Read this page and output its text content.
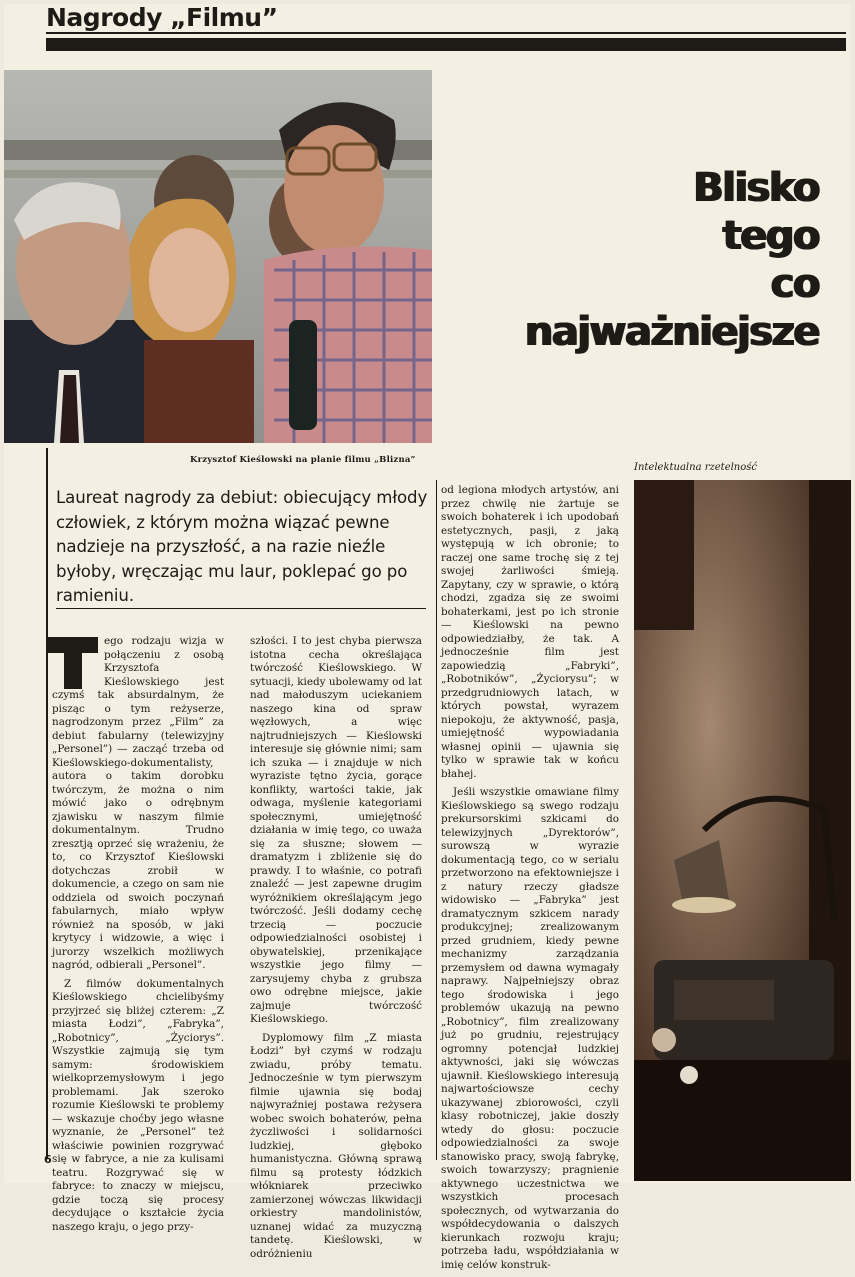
Nagrody „Filmu”
Krzysztof Kieślowski na planie filmu „Blizna”
Blisko
tego
co
najważniejsze
Intelektualna rzetelność

Laureat nagrody za debiut: obiecujący młody człowiek, z którym można wiązać pewne nadzieje na przyszłość, a na razie nieźle byłoby, wręczając mu laur, poklepać go po ramieniu.

ego rodzaju wizja w połączeniu z osobą Krzysztofa Kieślowskiego jest czymś tak absurdalnym, że pisząc o tym reżyserze, nagrodzonym przez „Film” za debiut fabularny (telewizyjny „Personel”) — zacząć trzeba od Kieślowskiego-dokumentalisty, autora o takim dorobku twórczym, że można o nim mówić jako o odrębnym zjawisku w naszym filmie dokumentalnym. Trudno zresztją oprzeć się wrażeniu, że to, co Krzysztof Kieślowski dotychczas zrobił w dokumencie, a czego on sam nie oddziela od swoich poczynań fabularnych, miało wpływ również na sposób, w jaki krytycy i widzowie, a więc i jurorzy wszelkich możliwych nagród, odbierali „Personel”.

Z filmów dokumentalnych Kieślowskiego chcielibyśmy przyjrzeć się bliżej czterem: „Z miasta Łodzi”, „Fabryka”, „Robotnicy”, „Życiorys”. Wszystkie zajmują się tym samym: środowiskiem wielkoprzemysłowym i jego problemami. Jak szeroko rozumie Kieślowski te problemy — wskazuje choćby jego własne wyznanie, że „Personel” też właściwie powinien rozgrywać się w fabryce, a nie za kulisami teatru. Rozgrywać się w fabryce: to znaczy w miejscu, gdzie toczą się procesy decydujące o kształcie życia naszego kraju, o jego przy-

szłości. I to jest chyba pierwsza istotna cecha określająca twórczość Kieślowskiego. W sytuacji, kiedy ubolewamy od lat nad małoduszym uciekaniem naszego kina od spraw węzłowych, a więc najtrudniejszych — Kieślowski interesuje się głównie nimi; sam ich szuka — i znajduje w nich wyraziste tętno życia, gorące konflikty, wartości takie, jak odwaga, myślenie kategoriami społecznymi, umiejętność działania w imię tego, co uważa się za słuszne; słowem — dramatyzm i zbliżenie się do prawdy. I to właśnie, co potrafi znaleźć — jest zapewne drugim wyróżnikiem określającym jego twórczość. Jeśli dodamy cechę trzecią — poczucie odpowiedzialności osobistej i obywatelskiej, przenikające wszystkie jego filmy — zarysujemy chyba z grubsza owo odrębne miejsce, jakie zajmuje twórczość Kieślowskiego.

Dyplomowy film „Z miasta Łodzi” był czymś w rodzaju zwiadu, próby tematu. Jednocześnie w tym pierwszym filmie ujawnia się bodaj najwyraźniej postawa reżysera wobec swoich bohaterów, pełna życzliwości i solidarności ludzkiej, głęboko humanistyczna. Główną sprawą filmu są protesty łódzkich włókniarek przeciwko zamierzonej wówczas likwidacji orkiestry mandolinistów, uznanej widać za muzyczną tandetę. Kieślowski, w odróżnieniu

od legiona młodych artystów, ani przez chwilę nie żartuje se swoich bohaterek i ich upodobań estetycznych, pasji, z jaką występują w ich obronie; to raczej one same trochę się z tej swojej żarliwości śmieją. Zapytany, czy w sprawie, o którą chodzi, zgadza się ze swoimi bohaterkami, jest po ich stronie — Kieślowski na pewno odpowiedziałby, że tak. A jednocześnie film jest zapowiedzią „Fabryki”, „Robotników”, „Życiorysu”; w przedgrudniowych latach, w których powstał, wyrazem niepokoju, że aktywność, pasja, umiejętność wypowiadania własnej opinii — ujawnia się tylko w sprawie tak w końcu błahej.

Jeśli wszystkie omawiane filmy Kieślowskiego są swego rodzaju prekursorskimi szkicami do telewizyjnych „Dyrektorów”, surowszą w wyrazie dokumentacją tego, co w serialu przetworzono na efektowniejsze i z natury rzeczy gładsze widowisko — „Fabryka” jest dramatycznym szkicem narady produkcyjnej; zrealizowanym przed grudniem, kiedy pewne mechanizmy zarządzania przemysłem od dawna wymagały naprawy. Najpełniejszy obraz tego środowiska i jego problemów ukazują na pewno „Robotnicy”, film zrealizowany już po grudniu, rejestrujący ogromny potencjał ludzkiej aktywności, jaki się wówczas ujawnił. Kieślowskiego interesują najwartościowsze cechy ukazywanej zbiorowości, czyli klasy robotniczej, jakie doszły wtedy do głosu: poczucie odpowiedzialności za swoje stanowisko pracy, swoją fabrykę, swoich towarzyszy; pragnienie aktywnego uczestnictwa we wszystkich procesach społecznych, od wytwarzania do współdecydowania o dalszych kierunkach rozwoju kraju; potrzeba ładu, współdziałania w imię celów konstruk-

6
